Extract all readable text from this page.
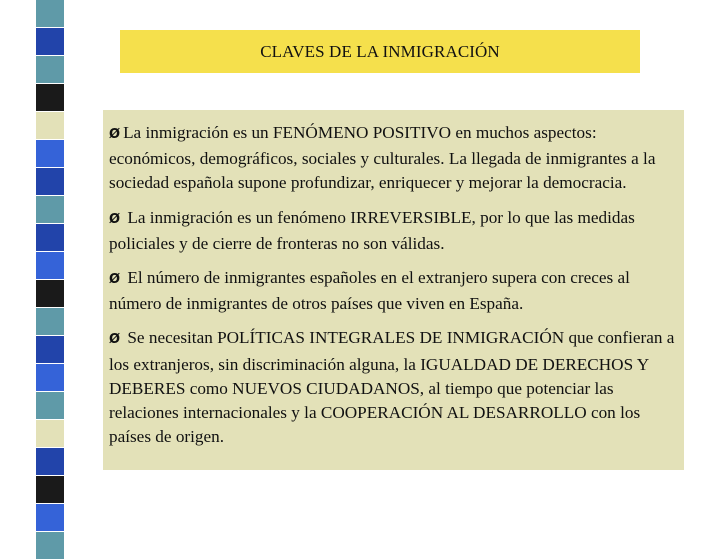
CLAVES DE LA INMIGRACIÓN

Ø La inmigración es un FENÓMENO POSITIVO en muchos aspectos: económicos, demográficos, sociales y culturales. La llegada de inmigrantes a la sociedad española supone profundizar, enriquecer y mejorar la democracia.

Ø La inmigración es un fenómeno IRREVERSIBLE, por lo que las medidas policiales y de cierre de fronteras no son válidas.

Ø El número de inmigrantes españoles en el extranjero supera con creces al número de inmigrantes de otros países que viven en España.

Ø Se necesitan POLÍTICAS INTEGRALES DE INMIGRACIÓN que confieran a los extranjeros, sin discriminación alguna, la IGUALDAD DE DERECHOS Y DEBERES como NUEVOS CIUDADANOS, al tiempo que potenciar las relaciones internacionales y la COOPERACIÓN AL DESARROLLO con los países de origen.
